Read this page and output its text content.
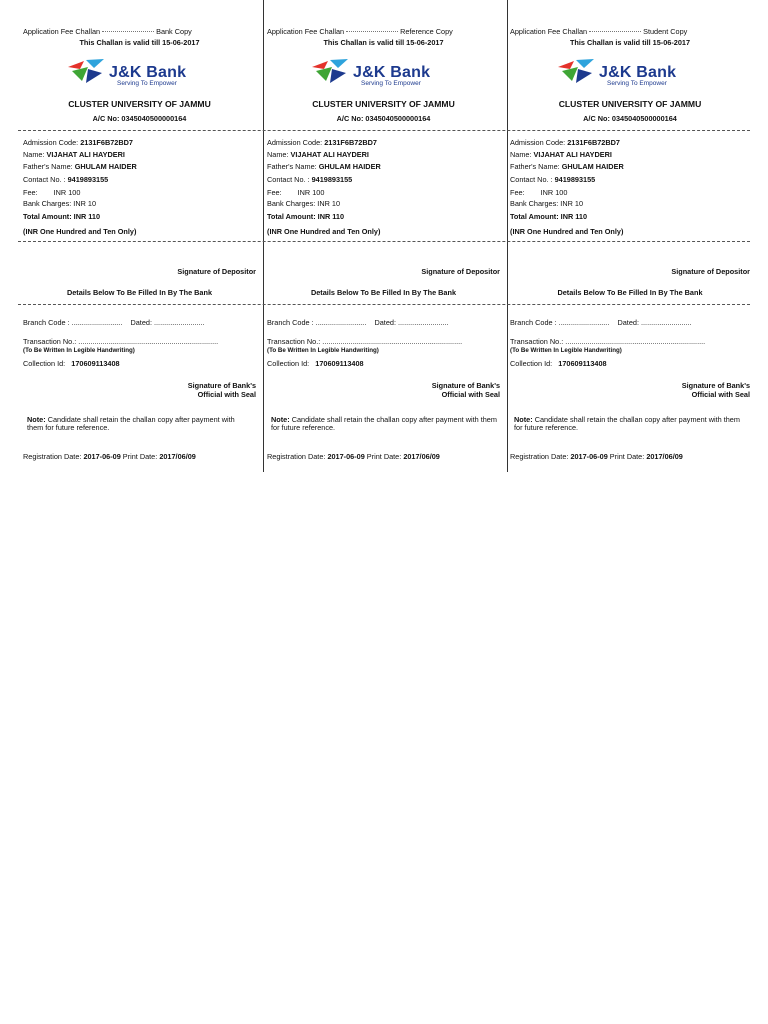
Application Fee Challan	Bank Copy
This Challan is valid till 15-06-2017
J&K Bank
Serving To Empower
CLUSTER UNIVERSITY OF JAMMU
A/C No: 0345040500000164
Admission Code: 2131F6B72BD7
Name: VIJAHAT ALI HAYDERI
Father's Name: GHULAM HAIDER
Contact No. : 9419893155
Fee: INR 100
Bank Charges: INR 10
Total Amount: INR 110
(INR One Hundred and Ten Only)
Signature of Depositor
Details Below To Be Filled In By The Bank
Branch Code : ......................... Dated: .........................
Transaction No.: .....................................................................
(To Be Written In Legible Handwriting)
Collection Id: 170609113408
Signature of Bank's
Official with Seal
Note: Candidate shall retain the challan copy after payment with them for future reference.
Registration Date: 2017-06-09 Print Date: 2017/06/09
Application Fee Challan	Reference Copy
This Challan is valid till 15-06-2017
J&K Bank
Serving To Empower
CLUSTER UNIVERSITY OF JAMMU
A/C No: 0345040500000164
Admission Code: 2131F6B72BD7
Name: VIJAHAT ALI HAYDERI
Father's Name: GHULAM HAIDER
Contact No. : 9419893155
Fee: INR 100
Bank Charges: INR 10
Total Amount: INR 110
(INR One Hundred and Ten Only)
Signature of Depositor
Details Below To Be Filled In By The Bank
Branch Code : ......................... Dated: .........................
Transaction No.: .....................................................................
(To Be Written In Legible Handwriting)
Collection Id: 170609113408
Signature of Bank's
Official with Seal
Note: Candidate shall retain the challan copy after payment with them for future reference.
Registration Date: 2017-06-09 Print Date: 2017/06/09
Application Fee Challan	Student Copy
This Challan is valid till 15-06-2017
J&K Bank
Serving To Empower
CLUSTER UNIVERSITY OF JAMMU
A/C No: 0345040500000164
Admission Code: 2131F6B72BD7
Name: VIJAHAT ALI HAYDERI
Father's Name: GHULAM HAIDER
Contact No. : 9419893155
Fee: INR 100
Bank Charges: INR 10
Total Amount: INR 110
(INR One Hundred and Ten Only)
Signature of Depositor
Details Below To Be Filled In By The Bank
Branch Code : ......................... Dated: .........................
Transaction No.: .....................................................................
(To Be Written In Legible Handwriting)
Collection Id: 170609113408
Signature of Bank's
Official with Seal
Note: Candidate shall retain the challan copy after payment with them for future reference.
Registration Date: 2017-06-09 Print Date: 2017/06/09
